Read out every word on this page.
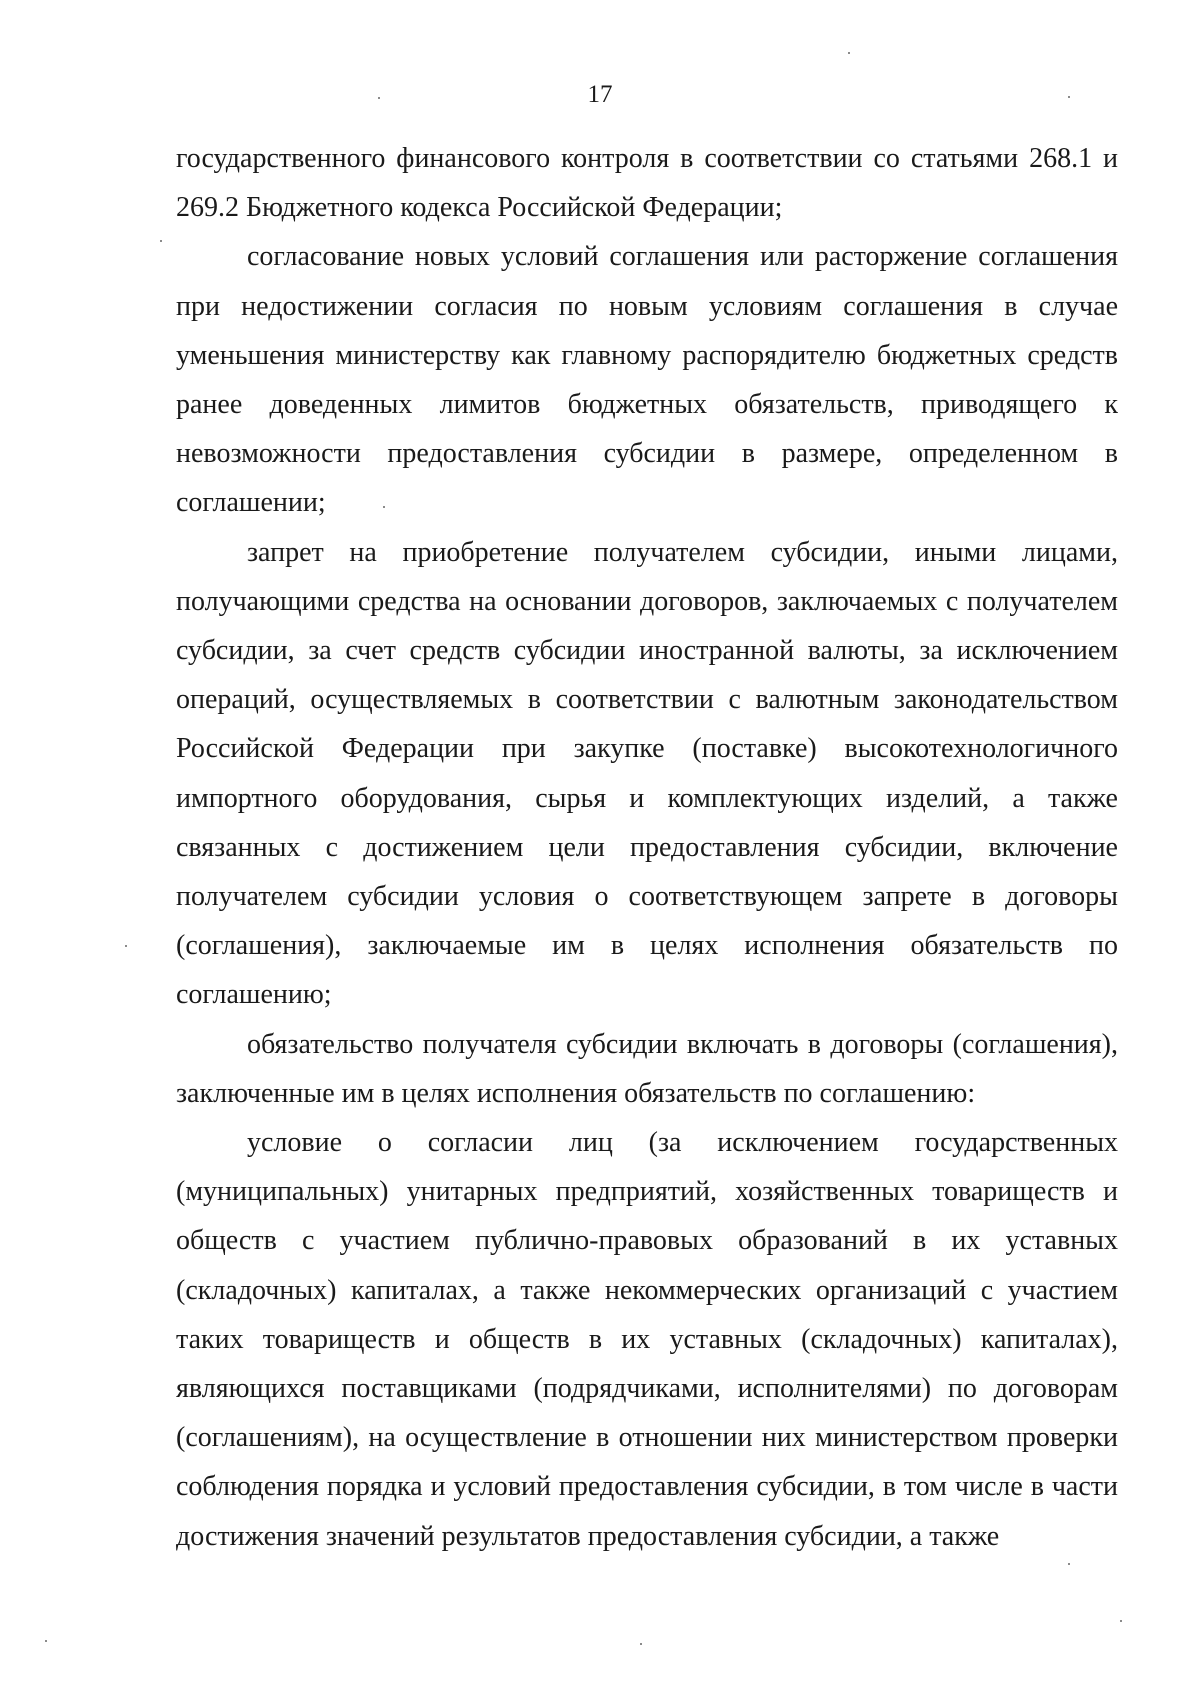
17

государственного финансового контроля в соответствии со статьями 268.1 и 269.2 Бюджетного кодекса Российской Федерации;

согласование новых условий соглашения или расторжение соглашения при недостижении согласия по новым условиям соглашения в случае уменьшения министерству как главному распорядителю бюджетных средств ранее доведенных лимитов бюджетных обязательств, приводящего к невозможности предоставления субсидии в размере, определенном в соглашении;

запрет на приобретение получателем субсидии, иными лицами, получающими средства на основании договоров, заключаемых с получателем субсидии, за счет средств субсидии иностранной валюты, за исключением операций, осуществляемых в соответствии с валютным законодательством Российской Федерации при закупке (поставке) высокотехнологичного импортного оборудования, сырья и комплектующих изделий, а также связанных с достижением цели предоставления субсидии, включение получателем субсидии условия о соответствующем запрете в договоры (соглашения), заключаемые им в целях исполнения обязательств по соглашению;

обязательство получателя субсидии включать в договоры (соглашения), заключенные им в целях исполнения обязательств по соглашению:

условие о согласии лиц (за исключением государственных (муниципальных) унитарных предприятий, хозяйственных товариществ и обществ с участием публично-правовых образований в их уставных (складочных) капиталах, а также некоммерческих организаций с участием таких товариществ и обществ в их уставных (складочных) капиталах), являющихся поставщиками (подрядчиками, исполнителями) по договорам (соглашениям), на осуществление в отношении них министерством проверки соблюдения порядка и условий предоставления субсидии, в том числе в части достижения значений результатов предоставления субсидии, а также
